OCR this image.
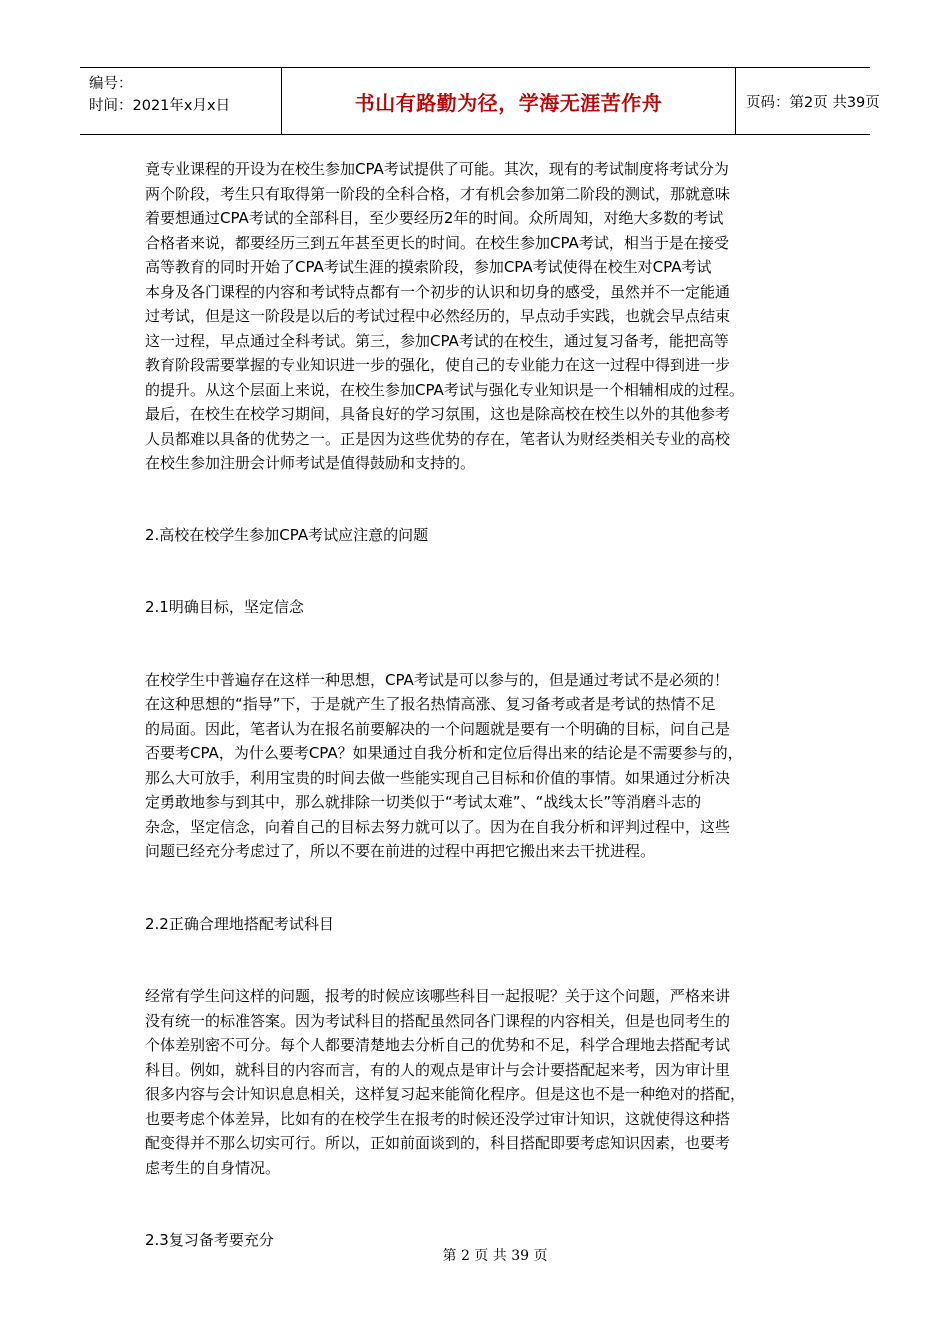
编号：
时间：2021年x月x日	书山有路勤为径，学海无涯苦作舟	页码：第2页 共39页

竟专业课程的开设为在校生参加CPA考试提供了可能。其次，现有的考试制度将考试分为

两个阶段，考生只有取得第一阶段的全科合格，才有机会参加第二阶段的测试，那就意味

着要想通过CPA考试的全部科目，至少要经历2年的时间。众所周知，对绝大多数的考试

合格者来说，都要经历三到五年甚至更长的时间。在校生参加CPA考试，相当于是在接受

高等教育的同时开始了CPA考试生涯的摸索阶段，参加CPA考试使得在校生对CPA考试

本身及各门课程的内容和考试特点都有一个初步的认识和切身的感受，虽然并不一定能通

过考试，但是这一阶段是以后的考试过程中必然经历的，早点动手实践，也就会早点结束

这一过程，早点通过全科考试。第三，参加CPA考试的在校生，通过复习备考，能把高等

教育阶段需要掌握的专业知识进一步的强化，使自己的专业能力在这一过程中得到进一步

的提升。从这个层面上来说，在校生参加CPA考试与强化专业知识是一个相辅相成的过程。

最后，在校生在校学习期间，具备良好的学习氛围，这也是除高校在校生以外的其他参考

人员都难以具备的优势之一。正是因为这些优势的存在，笔者认为财经类相关专业的高校

在校生参加注册会计师考试是值得鼓励和支持的。

2.高校在校学生参加CPA考试应注意的问题
2.1明确目标，坚定信念

在校学生中普遍存在这样一种思想，CPA考试是可以参与的，但是通过考试不是必须的！

在这种思想的“指导”下，于是就产生了报名热情高涨、复习备考或者是考试的热情不足

的局面。因此，笔者认为在报名前要解决的一个问题就是要有一个明确的目标，问自己是

否要考CPA，为什么要考CPA？如果通过自我分析和定位后得出来的结论是不需要参与的，

那么大可放手，利用宝贵的时间去做一些能实现自己目标和价值的事情。如果通过分析决

定勇敢地参与到其中，那么就排除一切类似于“考试太难”、“战线太长”等消磨斗志的

杂念，坚定信念，向着自己的目标去努力就可以了。因为在自我分析和评判过程中，这些

问题已经充分考虑过了，所以不要在前进的过程中再把它搬出来去干扰进程。

2.2正确合理地搭配考试科目

经常有学生问这样的问题，报考的时候应该哪些科目一起报呢？关于这个问题，严格来讲

没有统一的标准答案。因为考试科目的搭配虽然同各门课程的内容相关，但是也同考生的

个体差别密不可分。每个人都要清楚地去分析自己的优势和不足，科学合理地去搭配考试

科目。例如，就科目的内容而言，有的人的观点是审计与会计要搭配起来考，因为审计里

很多内容与会计知识息息相关，这样复习起来能简化程序。但是这也不是一种绝对的搭配，

也要考虑个体差异，比如有的在校学生在报考的时候还没学过审计知识，这就使得这种搭

配变得并不那么切实可行。所以，正如前面谈到的，科目搭配即要考虑知识因素，也要考

虑考生的自身情况。

2.3复习备考要充分
第 2 页 共 39 页
